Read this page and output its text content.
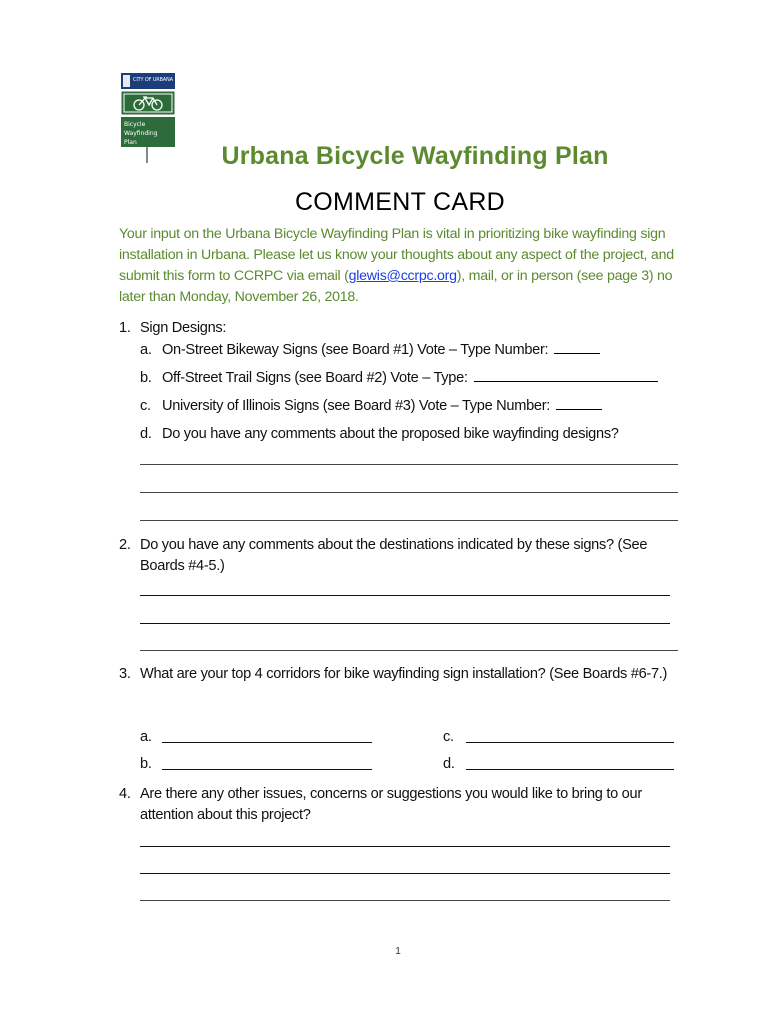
CITY OF URBANA
Bicycle
Wayfinding
Plan	Urbana Bicycle Wayfinding Plan
COMMENT CARD
Your input on the Urbana Bicycle Wayfinding Plan is vital in prioritizing bike wayfinding sign installation in Urbana. Please let us know your thoughts about any aspect of the project, and submit this form to CCRPC via email (glewis@ccrpc.org), mail, or in person (see page 3) no later than Monday, November 26, 2018.
1. Sign Designs:
a. On-Street Bikeway Signs (see Board #1) Vote – Type Number:
b. Off-Street Trail Signs (see Board #2) Vote – Type:
c. University of Illinois Signs (see Board #3) Vote – Type Number:
d. Do you have any comments about the proposed bike wayfinding designs?
2. Do you have any comments about the destinations indicated by these signs? (See Boards #4-5.)
3. What are your top 4 corridors for bike wayfinding sign installation? (See Boards #6-7.)
a.
b.
c.
d.
4. Are there any other issues, concerns or suggestions you would like to bring to our attention about this project?
1
